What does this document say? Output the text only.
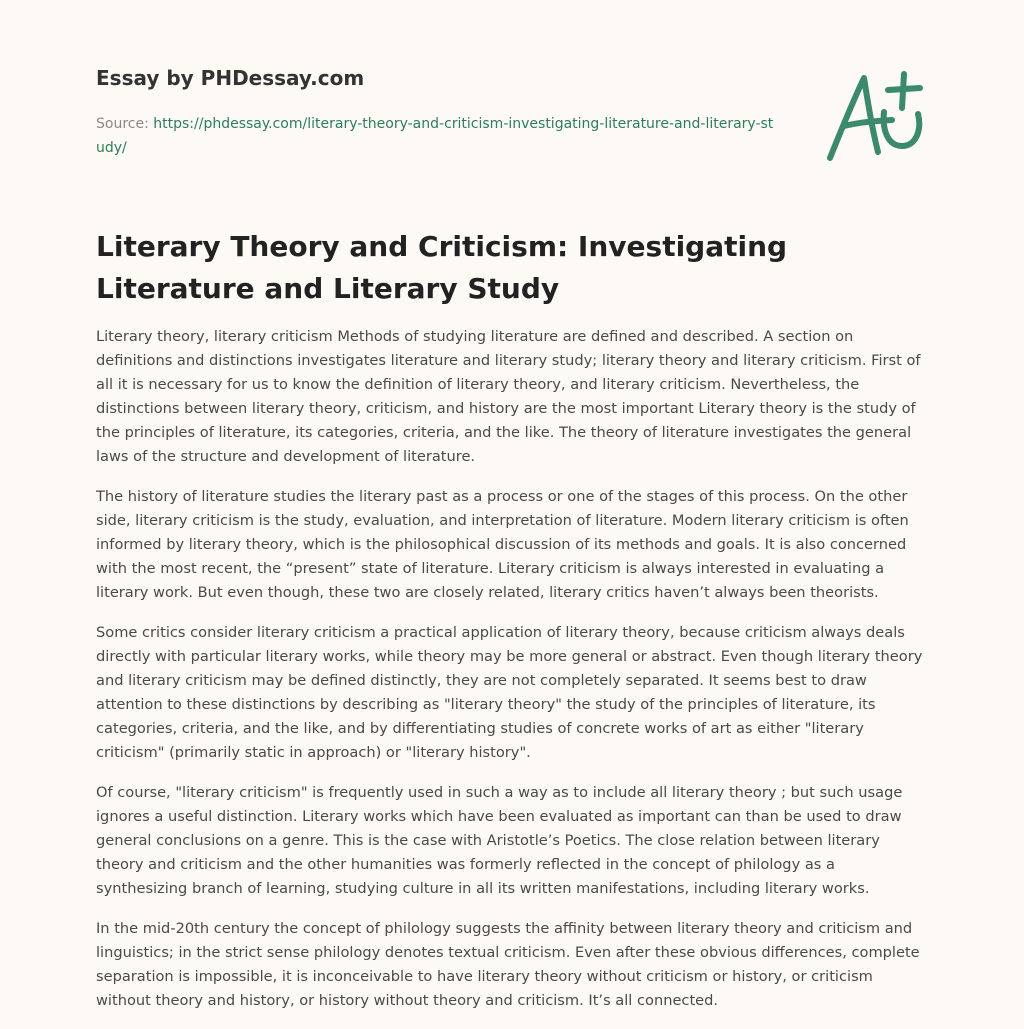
Essay by PHDessay.com
Source: https://phdessay.com/literary-theory-and-criticism-investigating-literature-and-literary-study/
Literary Theory and Criticism: Investigating Literature and Literary Study

Literary theory, literary criticism Methods of studying literature are defined and described. A section on definitions and distinctions investigates literature and literary study; literary theory and literary criticism. First of all it is necessary for us to know the definition of literary theory, and literary criticism. Nevertheless, the distinctions between literary theory, criticism, and history are the most important Literary theory is the study of the principles of literature, its categories, criteria, and the like. The theory of literature investigates the general laws of the structure and development of literature.

The history of literature studies the literary past as a process or one of the stages of this process. On the other side, literary criticism is the study, evaluation, and interpretation of literature. Modern literary criticism is often informed by literary theory, which is the philosophical discussion of its methods and goals. It is also concerned with the most recent, the “present” state of literature. Literary criticism is always interested in evaluating a literary work. But even though, these two are closely related, literary critics haven’t always been theorists.

Some critics consider literary criticism a practical application of literary theory, because criticism always deals directly with particular literary works, while theory may be more general or abstract. Even though literary theory and literary criticism may be defined distinctly, they are not completely separated. It seems best to draw attention to these distinctions by describing as "literary theory" the study of the principles of literature, its categories, criteria, and the like, and by differentiating studies of concrete works of art as either "literary criticism" (primarily static in approach) or "literary history".

Of course, "literary criticism" is frequently used in such a way as to include all literary theory ; but such usage ignores a useful distinction. Literary works which have been evaluated as important can than be used to draw general conclusions on a genre. This is the case with Aristotle’s Poetics. The close relation between literary theory and criticism and the other humanities was formerly reflected in the concept of philology as a synthesizing branch of learning, studying culture in all its written manifestations, including literary works.

In the mid-20th century the concept of philology suggests the affinity between literary theory and criticism and linguistics; in the strict sense philology denotes textual criticism. Even after these obvious differences, complete separation is impossible, it is inconceivable to have literary theory without criticism or history, or criticism without theory and history, or history without theory and criticism. It’s all connected.
